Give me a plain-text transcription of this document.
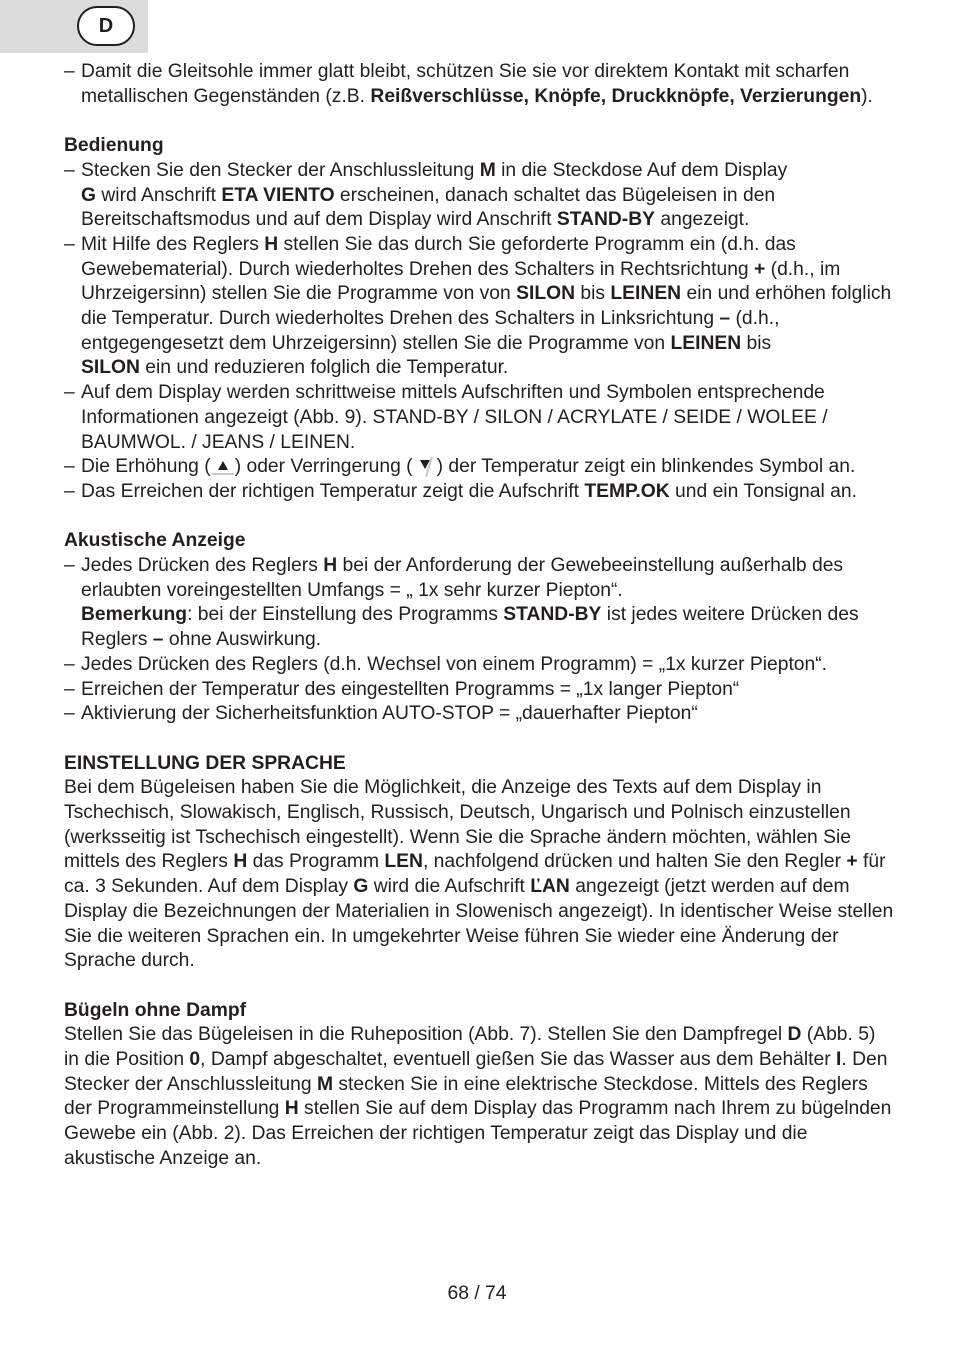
D

– Damit die Gleitsohle immer glatt bleibt, schützen Sie sie vor direktem Kontakt mit scharfen metallischen Gegenständen (z.B. Reißverschlüsse, Knöpfe, Druckknöpfe, Verzierungen).

Bedienung

– Stecken Sie den Stecker der Anschlussleitung M in die Steckdose Auf dem Display
G wird Anschrift ETA VIENTO erscheinen, danach schaltet das Bügeleisen in den Bereitschaftsmodus und auf dem Display wird Anschrift STAND-BY angezeigt.

– Mit Hilfe des Reglers H stellen Sie das durch Sie geforderte Programm ein (d.h. das Gewebematerial). Durch wiederholtes Drehen des Schalters in Rechtsrichtung + (d.h., im Uhrzeigersinn) stellen Sie die Programme von von SILON bis LEINEN ein und erhöhen folglich die Temperatur. Durch wiederholtes Drehen des Schalters in Linksrichtung – (d.h., entgegengesetzt dem Uhrzeigersinn) stellen Sie die Programme von LEINEN bis
SILON ein und reduzieren folglich die Temperatur.

– Auf dem Display werden schrittweise mittels Aufschriften und Symbolen entsprechende Informationen angezeigt (Abb. 9). STAND-BY / SILON / ACRYLATE / SEIDE / WOLEE / BAUMWOL. / JEANS / LEINEN.

– Die Erhöhung ( ) oder Verringerung ( ) der Temperatur zeigt ein blinkendes Symbol an.

– Das Erreichen der richtigen Temperatur zeigt die Aufschrift TEMP.OK und ein Tonsignal an.

Akustische Anzeige

– Jedes Drücken des Reglers H bei der Anforderung der Gewebeeinstellung außerhalb des erlaubten voreingestellten Umfangs = „ 1x sehr kurzer Piepton“.
Bemerkung: bei der Einstellung des Programms STAND-BY ist jedes weitere Drücken des Reglers – ohne Auswirkung.

– Jedes Drücken des Reglers (d.h. Wechsel von einem Programm) = „1x kurzer Piepton“.

– Erreichen der Temperatur des eingestellten Programms = „1x langer Piepton“

– Aktivierung der Sicherheitsfunktion AUTO-STOP = „dauerhafter Piepton“

EINSTELLUNG DER SPRACHE

Bei dem Bügeleisen haben Sie die Möglichkeit, die Anzeige des Texts auf dem Display in Tschechisch, Slowakisch, Englisch, Russisch, Deutsch, Ungarisch und Polnisch einzustellen (werksseitig ist Tschechisch eingestellt). Wenn Sie die Sprache ändern möchten, wählen Sie mittels des Reglers H das Programm LEN, nachfolgend drücken und halten Sie den Regler + für ca. 3 Sekunden. Auf dem Display G wird die Aufschrift ĽAN angezeigt (jetzt werden auf dem Display die Bezeichnungen der Materialien in Slowenisch angezeigt). In identischer Weise stellen Sie die weiteren Sprachen ein. In umgekehrter Weise führen Sie wieder eine Änderung der Sprache durch.

Bügeln ohne Dampf

Stellen Sie das Bügeleisen in die Ruheposition (Abb. 7). Stellen Sie den Dampfregel D (Abb. 5) in die Position 0, Dampf abgeschaltet, eventuell gießen Sie das Wasser aus dem Behälter I. Den Stecker der Anschlussleitung M stecken Sie in eine elektrische Steckdose. Mittels des Reglers der Programmeinstellung H stellen Sie auf dem Display das Programm nach Ihrem zu bügelnden Gewebe ein (Abb. 2). Das Erreichen der richtigen Temperatur zeigt das Display und die akustische Anzeige an.

68 / 74
